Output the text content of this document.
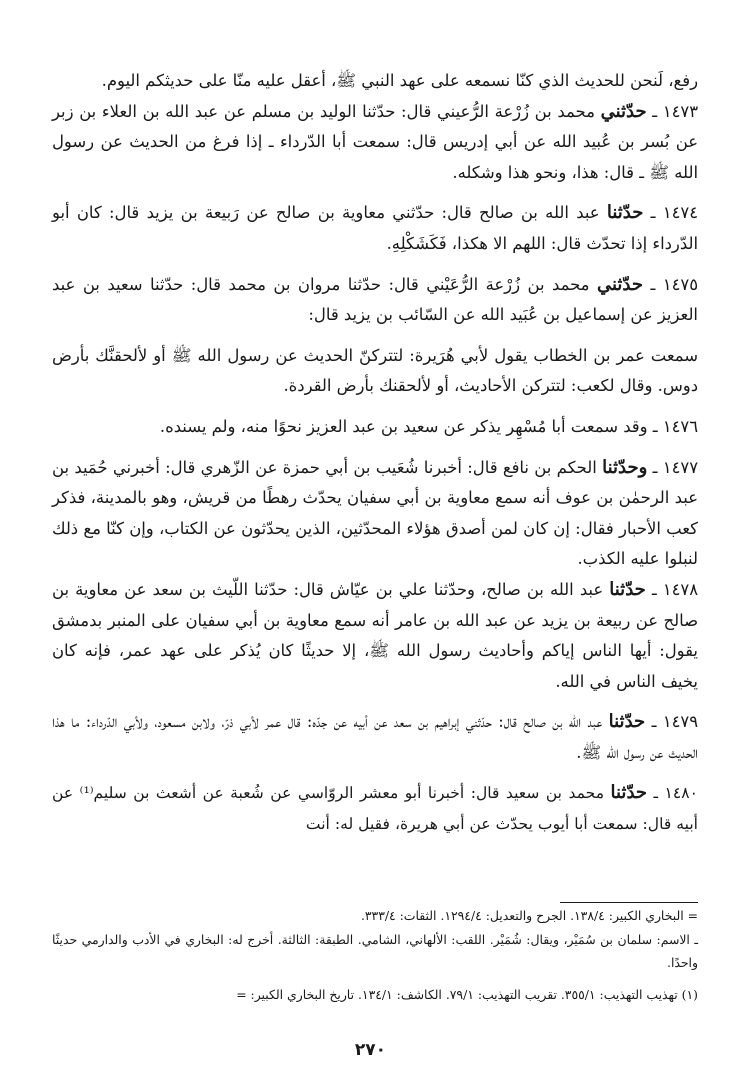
رفع، لَنحن للحديث الذي كنّا نسمعه على عهد النبي ﷺ، أعقل عليه منّا على حديثكم اليوم.

١٤٧٣ ـ حدّثني محمد بن زُرْعة الرُّعيني قال: حدّثنا الوليد بن مسلم عن عبد الله بن العلاء بن زبر عن بُسر بن عُبيد الله عن أبي إدريس قال: سمعت أبا الدّرداء ـ إذا فرغ من الحديث عن رسول الله ﷺ ـ قال: هذا، ونحو هذا وشكله.

١٤٧٤ ـ حدّثنا عبد الله بن صالح قال: حدّثني معاوية بن صالح عن رَبيعة بن يزيد قال: كان أبو الدّرداء إذا تحدّث قال: اللهم الا هكذا، فَكَشَكْلِهِ.

١٤٧٥ ـ حدّثني محمد بن زُرْعة الرُّعَيْني قال: حدّثنا مروان بن محمد قال: حدّثنا سعيد بن عبد العزيز عن إسماعيل بن عُبَيد الله عن السّائب بن يزيد قال:

سمعت عمر بن الخطاب يقول لأبي هُرَيرة: لتتركنّ الحديث عن رسول الله ﷺ أو لألحقنَّك بأرض دوس. وقال لكعب: لتتركن الأحاديث، أو لألحقنك بأرض القردة.

١٤٧٦ ـ وقد سمعت أبا مُسْهِر يذكر عن سعيد بن عبد العزيز نحوًا منه، ولم يسنده.

١٤٧٧ ـ وحدّثنا الحكم بن نافع قال: أخبرنا شُعَيب بن أبي حمزة عن الزّهري قال: أخبرني حُمَيد بن عبد الرحمٰن بن عوف أنه سمع معاوية بن أبي سفيان يحدّث رهطًا من قريش، وهو بالمدينة، فذكر كعب الأحبار فقال: إن كان لمن أصدق هؤلاء المحدّثين، الذين يحدّثون عن الكتاب، وإن كنّا مع ذلك لنبلوا عليه الكذب.

١٤٧٨ ـ حدّثنا عبد الله بن صالح، وحدّثنا علي بن عيّاش قال: حدّثنا اللّيث بن سعد عن معاوية بن صالح عن ربيعة بن يزيد عن عبد الله بن عامر أنه سمع معاوية بن أبي سفيان على المنبر بدمشق يقول: أيها الناس إياكم وأحاديث رسول الله ﷺ، إلا حديثًا كان يُذكر على عهد عمر، فإنه كان يخيف الناس في الله.

١٤٧٩ ـ حدّثنا عبد الله بن صالح قال: حدّثني إبراهيم بن سعد عن أبيه عن جدّه: قال عمر لأبي ذرّ، ولابن مسعود، ولأبي الدّرداء: ما هذا الحديث عن رسول الله ﷺ.

١٤٨٠ ـ حدّثنا محمد بن سعيد قال: أخبرنا أبو معشر الروّاسي عن شُعبة عن أشعث بن سليم⁽¹⁾ عن أبيه قال: سمعت أبا أيوب يحدّث عن أبي هريرة، فقيل له: أنت

= البخاري الكبير: ١٣٨/٤. الجرح والتعديل: ١٢٩٤/٤. الثقات: ٣٣٣/٤.

ـ الاسم: سلمان بن سُمَيْر، ويقال: شُمَيْر. اللقب: الألهاني، الشامي. الطبقة: الثالثة. أخرج له: البخاري في الأدب والدارمي حديثًا واحدًا.

(١) تهذيب التهذيب: ٣٥٥/١. تقريب التهذيب: ٧٩/١. الكاشف: ١٣٤/١. تاريخ البخاري الكبير: =

٢٧٠
